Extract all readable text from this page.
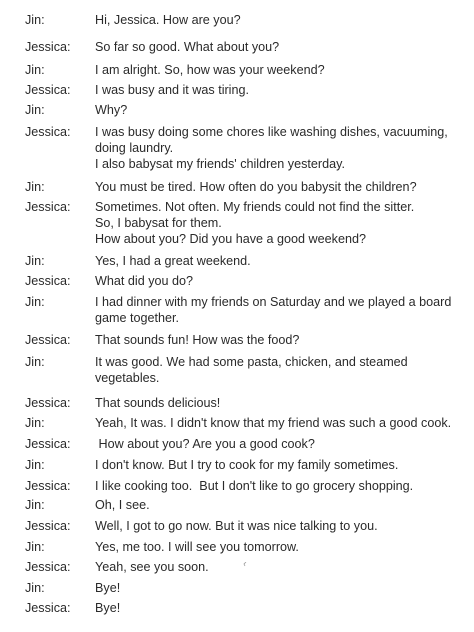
Jin:	Hi, Jessica. How are you?
Jessica: So far so good. What about you?
Jin:	I am alright. So, how was your weekend?
Jessica: I was busy and it was tiring.
Jin:	Why?
Jessica: I was busy doing some chores like washing dishes, vacuuming,
doing laundry.
I also babysat my friends' children yesterday.
Jin:	You must be tired. How often do you babysit the children?
Jessica: Sometimes. Not often. My friends could not find the sitter.
So, I babysat for them.
How about you? Did you have a good weekend?
Jin:	Yes, I had a great weekend.
Jessica: What did you do?
Jin:	I had dinner with my friends on Saturday and we played a board
game together.
Jessica: That sounds fun! How was the food?
Jin:	It was good. We had some pasta, chicken, and steamed
vegetables.
Jessica: That sounds delicious!
Jin:	Yeah, It was. I didn't know that my friend was such a good cook.
Jessica: How about you? Are you a good cook?
Jin:	I don't know. But I try to cook for my family sometimes.
Jessica: I like cooking too.  But I don't like to go grocery shopping.
Jin:	Oh, I see.
Jessica: Well, I got to go now. But it was nice talking to you.
Jin:	Yes, me too. I will see you tomorrow.
Jessica: Yeah, see you soon.
Jin:	Bye!
Jessica: Bye!
